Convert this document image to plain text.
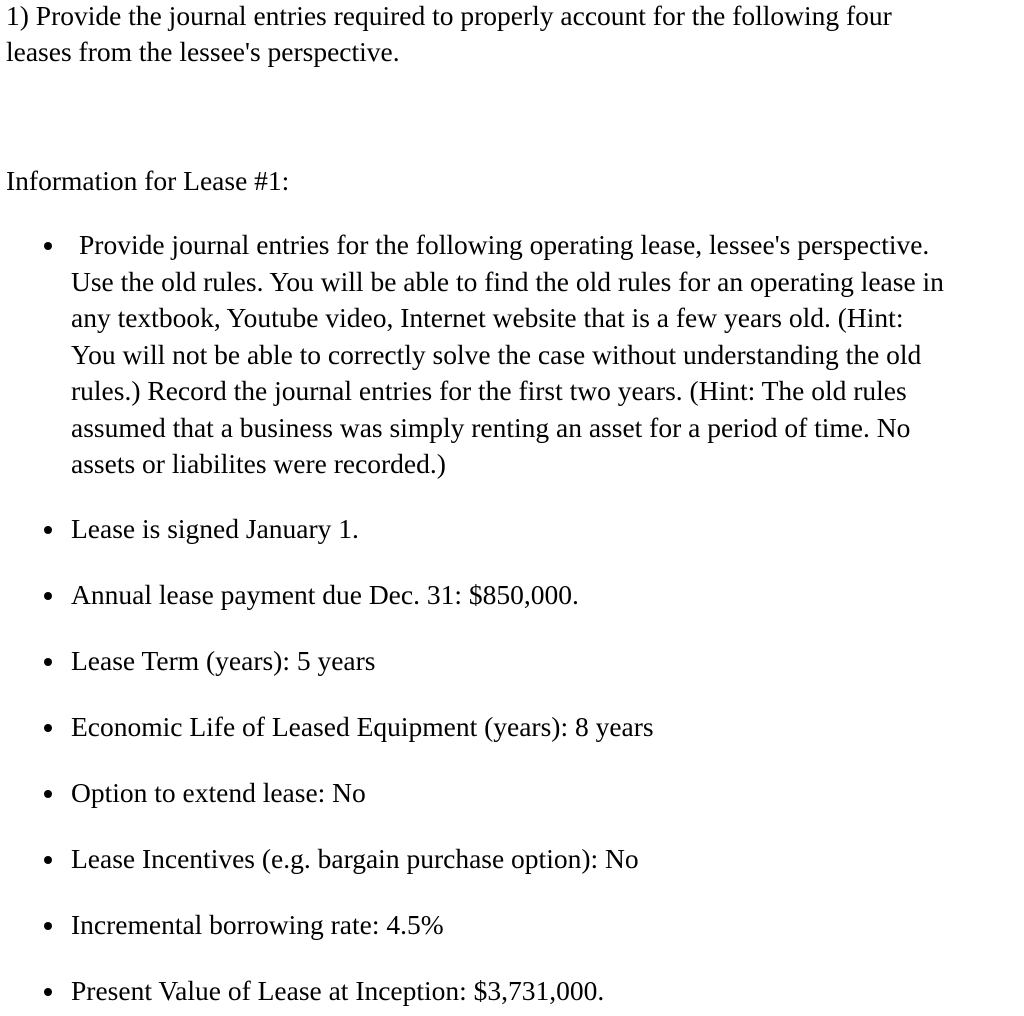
1) Provide the journal entries required to properly account for the following four
leases from the lessee's perspective.
Information for Lease #1:
Provide journal entries for the following operating lease, lessee's perspective.
Use the old rules. You will be able to find the old rules for an operating lease in
any textbook, Youtube video, Internet website that is a few years old. (Hint:
You will not be able to correctly solve the case without understanding the old
rules.) Record the journal entries for the first two years. (Hint: The old rules
assumed that a business was simply renting an asset for a period of time. No
assets or liabilites were recorded.)
Lease is signed January 1.
Annual lease payment due Dec. 31: $850,000.
Lease Term (years): 5 years
Economic Life of Leased Equipment (years): 8 years
Option to extend lease: No
Lease Incentives (e.g. bargain purchase option): No
Incremental borrowing rate: 4.5%
Present Value of Lease at Inception: $3,731,000.
